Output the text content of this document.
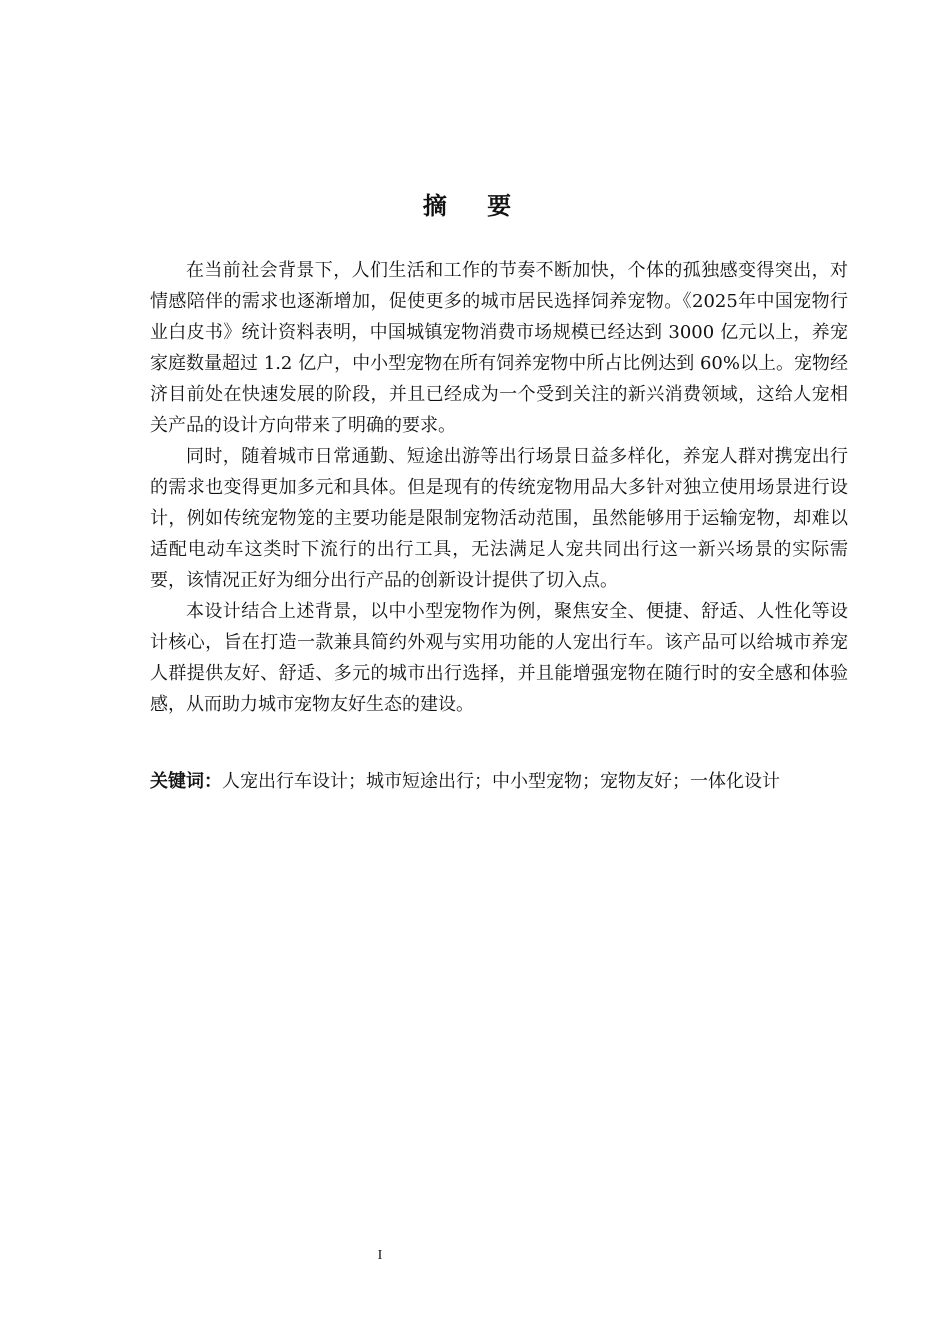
摘 要

在当前社会背景下，人们生活和工作的节奏不断加快，个体的孤独感变得突出，对情感陪伴的需求也逐渐增加，促使更多的城市居民选择饲养宠物。《2025年中国宠物行业白皮书》统计资料表明，中国城镇宠物消费市场规模已经达到 3000 亿元以上，养宠家庭数量超过 1.2 亿户，中小型宠物在所有饲养宠物中所占比例达到 60%以上。宠物经济目前处在快速发展的阶段，并且已经成为一个受到关注的新兴消费领域，这给人宠相关产品的设计方向带来了明确的要求。

同时，随着城市日常通勤、短途出游等出行场景日益多样化，养宠人群对携宠出行的需求也变得更加多元和具体。但是现有的传统宠物用品大多针对独立使用场景进行设计，例如传统宠物笼的主要功能是限制宠物活动范围，虽然能够用于运输宠物，却难以适配电动车这类时下流行的出行工具，无法满足人宠共同出行这一新兴场景的实际需要，该情况正好为细分出行产品的创新设计提供了切入点。

本设计结合上述背景，以中小型宠物作为例，聚焦安全、便捷、舒适、人性化等设计核心，旨在打造一款兼具简约外观与实用功能的人宠出行车。该产品可以给城市养宠人群提供友好、舒适、多元的城市出行选择，并且能增强宠物在随行时的安全感和体验感，从而助力城市宠物友好生态的建设。

关键词：人宠出行车设计；城市短途出行；中小型宠物；宠物友好；一体化设计
I
